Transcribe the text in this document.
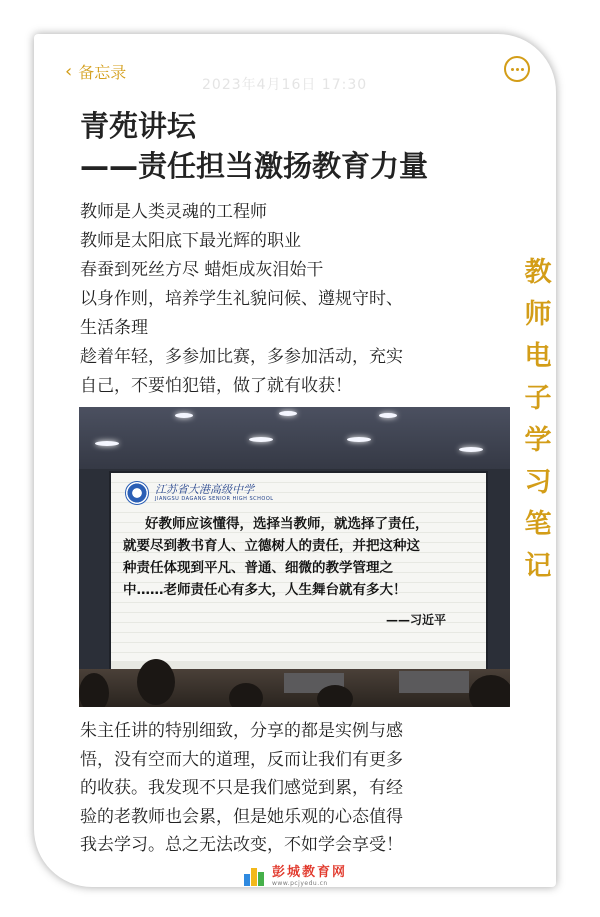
‹ 备忘录
2023年4月16日 17:30
青苑讲坛
——责任担当激扬教育力量
教师是人类灵魂的工程师
教师是太阳底下最光辉的职业
春蚕到死丝方尽 蜡炬成灰泪始干
以身作则，培养学生礼貌问候、遵规守时、
生活条理
趁着年轻，多参加比赛，多参加活动，充实
自己，不要怕犯错，做了就有收获！
江苏省大港高级中学
JIANGSU DAGANG SENIOR HIGH SCHOOL
好教师应该懂得，选择当教师，就选择了责任，
就要尽到教书育人、立德树人的责任，并把这种这
种责任体现到平凡、普通、细微的教学管理之
中……老师责任心有多大，人生舞台就有多大！
——习近平
朱主任讲的特别细致，分享的都是实例与感
悟，没有空而大的道理，反而让我们有更多
的收获。我发现不只是我们感觉到累，有经
验的老教师也会累，但是她乐观的心态值得
我去学习。总之无法改变，不如学会享受！
教
师
电
子
学
习
笔
记
彭城教育网
www.pcjyedu.cn
